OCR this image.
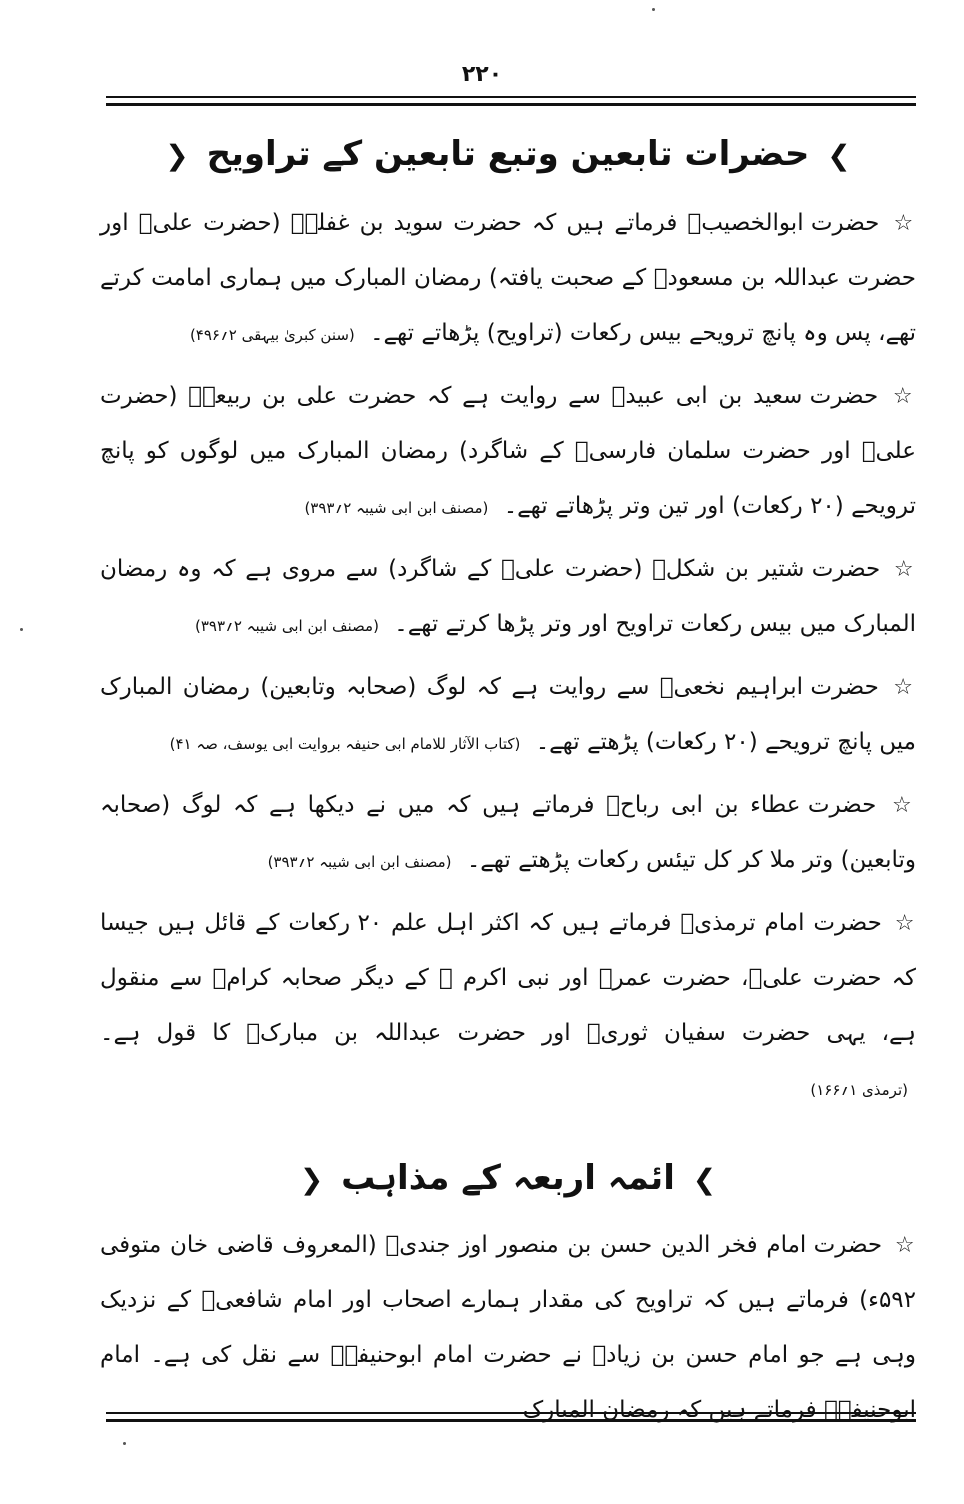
۲۲۰
❯ حضرات تابعین وتبع تابعین کے تراویح ❮

☆ حضرت ابوالخصیبؒ فرماتے ہیں کہ حضرت سوید بن غفلہؒ (حضرت علیؓ اور حضرت عبداللہ بن مسعودؓ کے صحبت یافتہ) رمضان المبارک میں ہماری امامت کرتے تھے، پس وہ پانچ ترویحے بیس رکعات (تراویح) پڑھاتے تھے۔ (سنن کبریٰ بیہقی ۲؍۴۹۶)

☆ حضرت سعید بن ابی عبیدؒ سے روایت ہے کہ حضرت علی بن ربیعہؒ (حضرت علیؓ اور حضرت سلمان فارسیؓ کے شاگرد) رمضان المبارک میں لوگوں کو پانچ ترویحے (۲۰ رکعات) اور تین وتر پڑھاتے تھے۔ (مصنف ابن ابی شیبہ ۲؍۳۹۳)

☆ حضرت شتیر بن شکلؒ (حضرت علیؓ کے شاگرد) سے مروی ہے کہ وہ رمضان المبارک میں بیس رکعات تراویح اور وتر پڑھا کرتے تھے۔ (مصنف ابن ابی شیبہ ۲؍۳۹۳)

☆ حضرت ابراہیم نخعیؒ سے روایت ہے کہ لوگ (صحابہ وتابعین) رمضان المبارک میں پانچ ترویحے (۲۰ رکعات) پڑھتے تھے۔ (کتاب الآثار للامام ابی حنیفہ بروایت ابی یوسف، صہ ۴۱)

☆ حضرت عطاء بن ابی رباحؒ فرماتے ہیں کہ میں نے دیکھا ہے کہ لوگ (صحابہ وتابعین) وتر ملا کر کل تیئس رکعات پڑھتے تھے۔ (مصنف ابن ابی شیبہ ۲؍۳۹۳)

☆ حضرت امام ترمذیؒ فرماتے ہیں کہ اکثر اہل علم ۲۰ رکعات کے قائل ہیں جیسا کہ حضرت علیؓ، حضرت عمرؓ اور نبی اکرم ﷺ کے دیگر صحابہ کرامؓ سے منقول ہے، یہی حضرت سفیان ثوریؒ اور حضرت عبداللہ بن مبارکؒ کا قول ہے۔ (ترمذی ۱؍۱۶۶)

❯ ائمہ اربعہ کے مذاہب ❮

☆ حضرت امام فخر الدین حسن بن منصور اوز جندیؒ (المعروف قاضی خان متوفی ۵۹۲ء) فرماتے ہیں کہ تراویح کی مقدار ہمارے اصحاب اور امام شافعیؒ کے نزدیک وہی ہے جو امام حسن بن زیادؒ نے حضرت امام ابوحنیفہؒ سے نقل کی ہے۔ امام ابوحنیفہؒ فرماتے ہیں کہ رمضان المبارک
